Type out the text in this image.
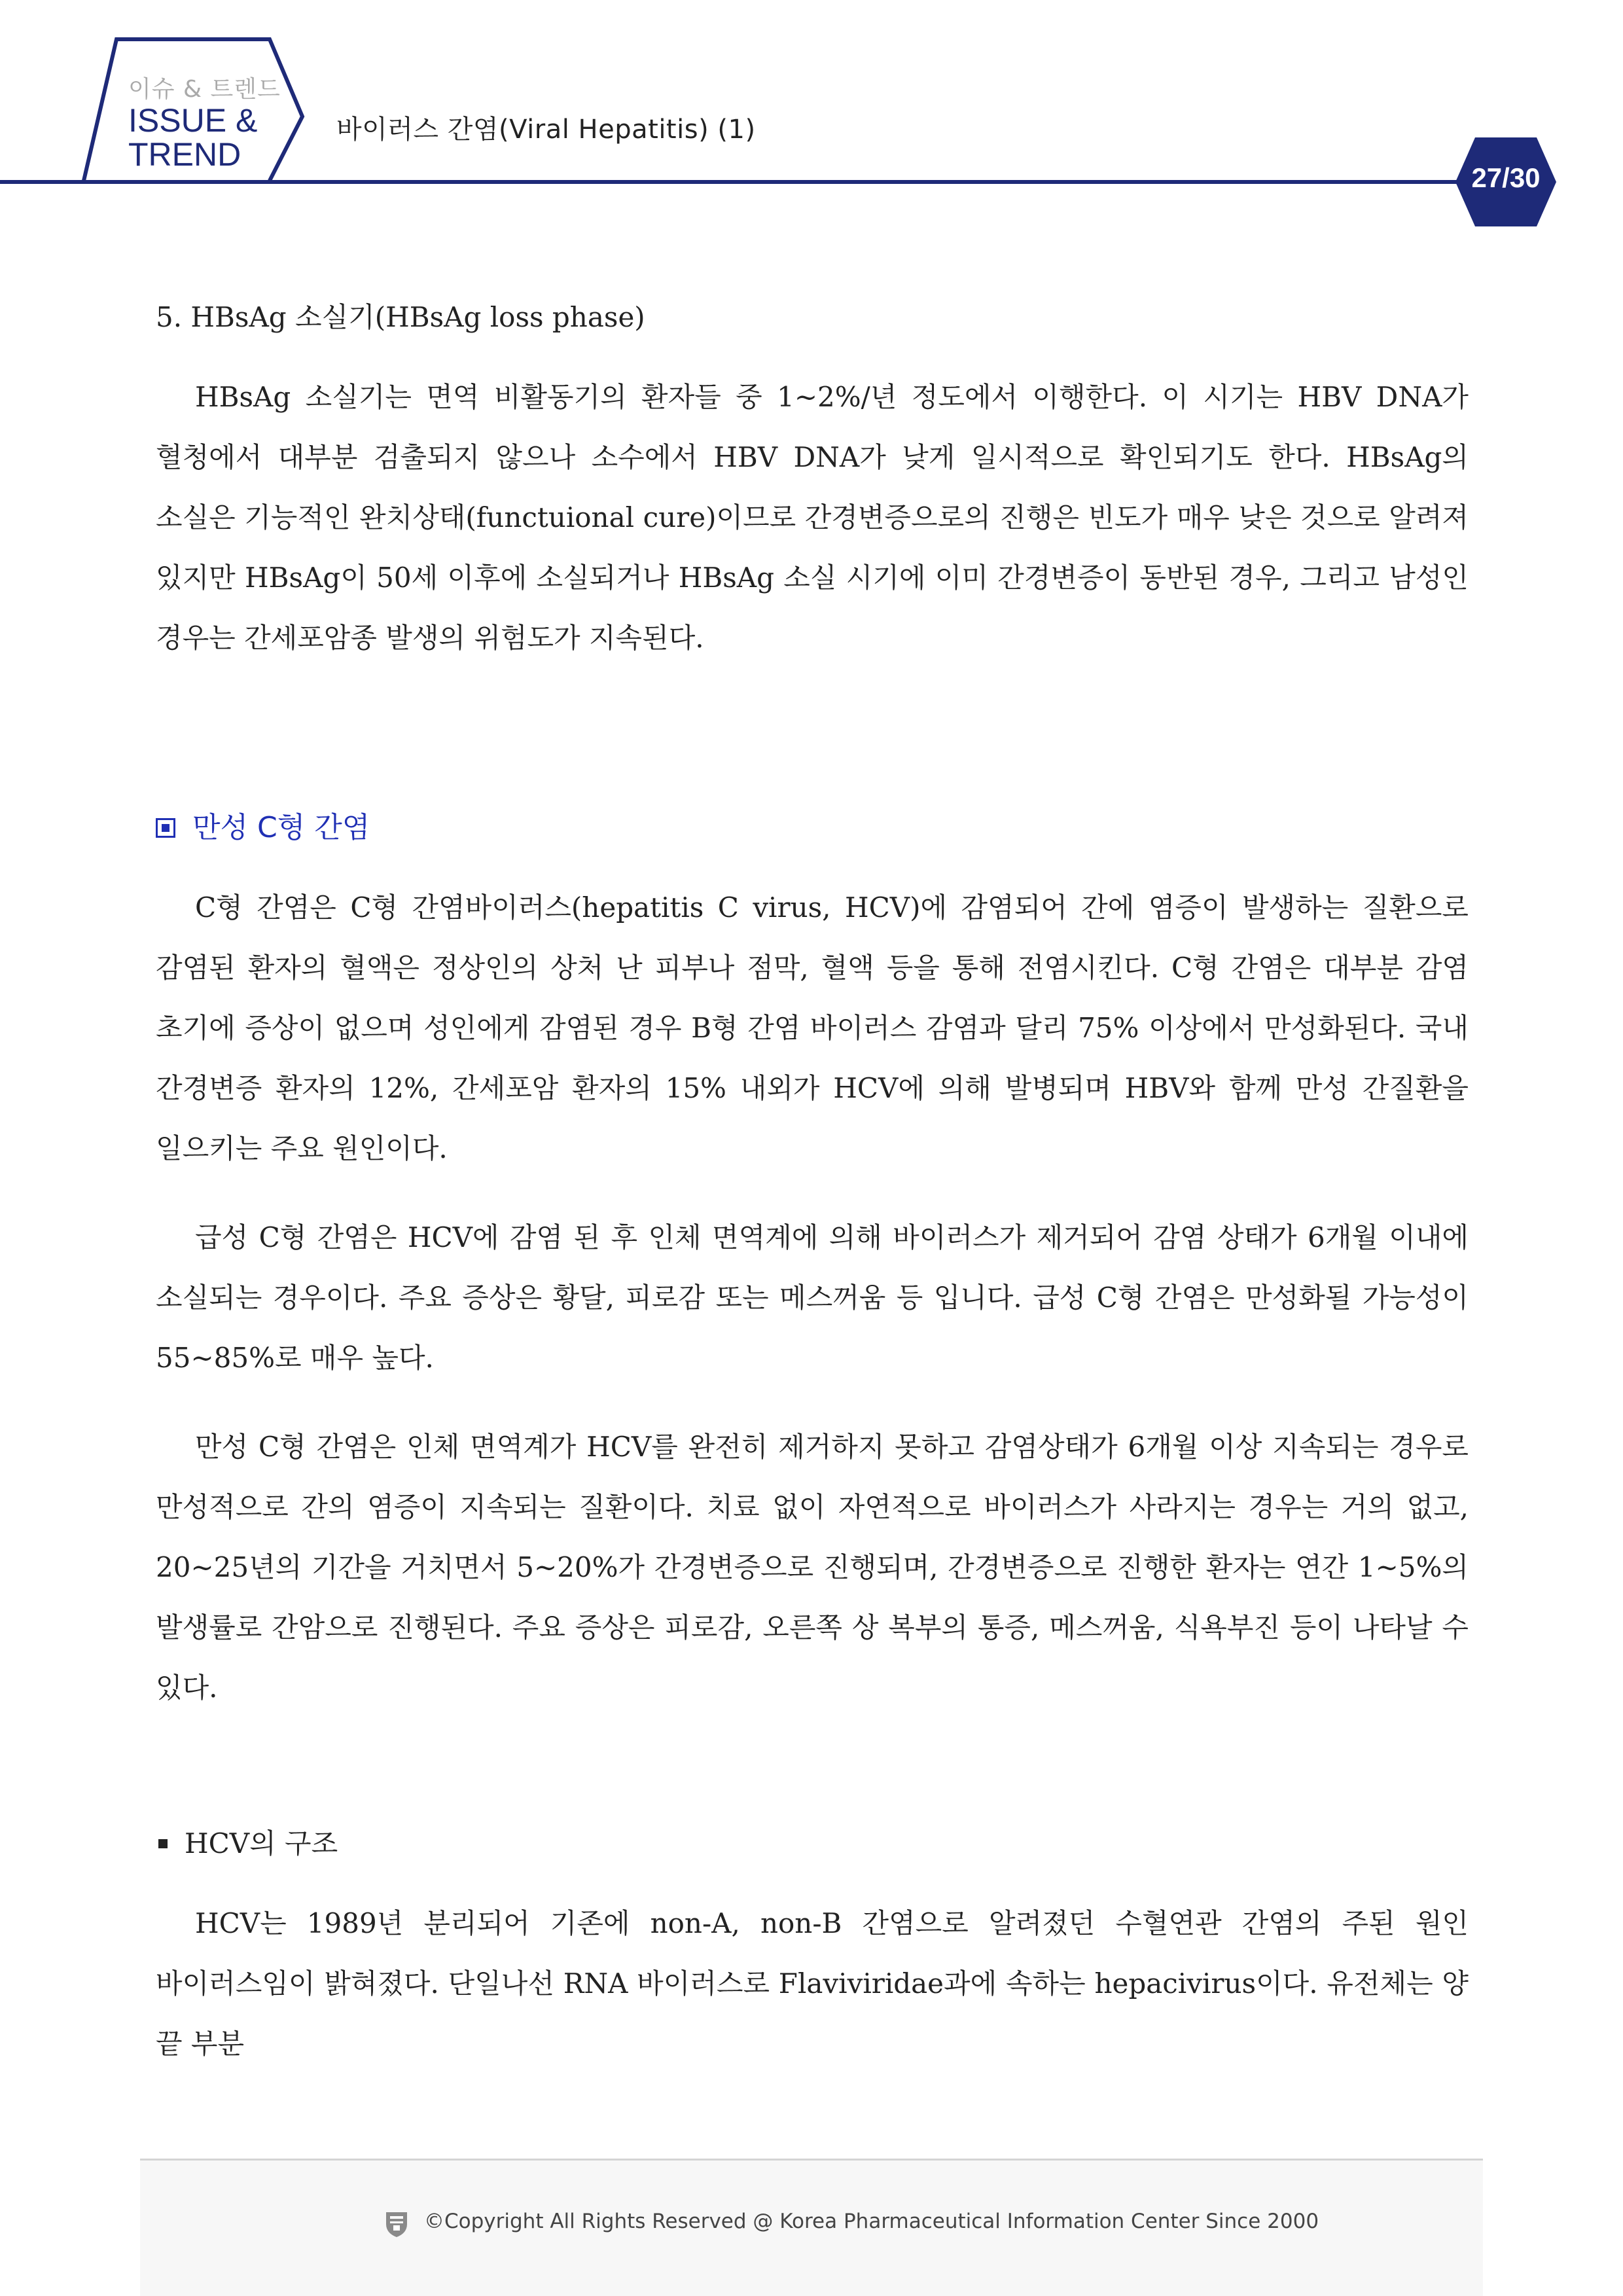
이슈 & 트렌드
ISSUE &
TREND
바이러스 간염(Viral Hepatitis) (1)
27/30

5. HBsAg 소실기(HBsAg loss phase)

HBsAg 소실기는 면역 비활동기의 환자들 중 1~2%/년 정도에서 이행한다. 이 시기는 HBV DNA가 혈청에서 대부분 검출되지 않으나 소수에서 HBV DNA가 낮게 일시적으로 확인되기도 한다. HBsAg의 소실은 기능적인 완치상태(functuional cure)이므로 간경변증으로의 진행은 빈도가 매우 낮은 것으로 알려져 있지만 HBsAg이 50세 이후에 소실되거나 HBsAg 소실 시기에 이미 간경변증이 동반된 경우, 그리고 남성인 경우는 간세포암종 발생의 위험도가 지속된다.

만성 C형 간염

C형 간염은 C형 간염바이러스(hepatitis C virus, HCV)에 감염되어 간에 염증이 발생하는 질환으로 감염된 환자의 혈액은 정상인의 상처 난 피부나 점막, 혈액 등을 통해 전염시킨다. C형 간염은 대부분 감염 초기에 증상이 없으며 성인에게 감염된 경우 B형 간염 바이러스 감염과 달리 75% 이상에서 만성화된다. 국내 간경변증 환자의 12%, 간세포암 환자의 15% 내외가 HCV에 의해 발병되며 HBV와 함께 만성 간질환을 일으키는 주요 원인이다.

급성 C형 간염은 HCV에 감염 된 후 인체 면역계에 의해 바이러스가 제거되어 감염 상태가 6개월 이내에 소실되는 경우이다. 주요 증상은 황달, 피로감 또는 메스꺼움 등 입니다. 급성 C형 간염은 만성화될 가능성이 55~85%로 매우 높다.

만성 C형 간염은 인체 면역계가 HCV를 완전히 제거하지 못하고 감염상태가 6개월 이상 지속되는 경우로 만성적으로 간의 염증이 지속되는 질환이다. 치료 없이 자연적으로 바이러스가 사라지는 경우는 거의 없고, 20~25년의 기간을 거치면서 5~20%가 간경변증으로 진행되며, 간경변증으로 진행한 환자는 연간 1~5%의 발생률로 간암으로 진행된다. 주요 증상은 피로감, 오른쪽 상 복부의 통증, 메스꺼움, 식욕부진 등이 나타날 수 있다.

HCV의 구조

HCV는 1989년 분리되어 기존에 non-A, non-B 간염으로 알려졌던 수혈연관 간염의 주된 원인 바이러스임이 밝혀졌다. 단일나선 RNA 바이러스로 Flaviviridae과에 속하는 hepacivirus이다. 유전체는 양 끝 부분

©Copyright All Rights Reserved @ Korea Pharmaceutical Information Center Since 2000
